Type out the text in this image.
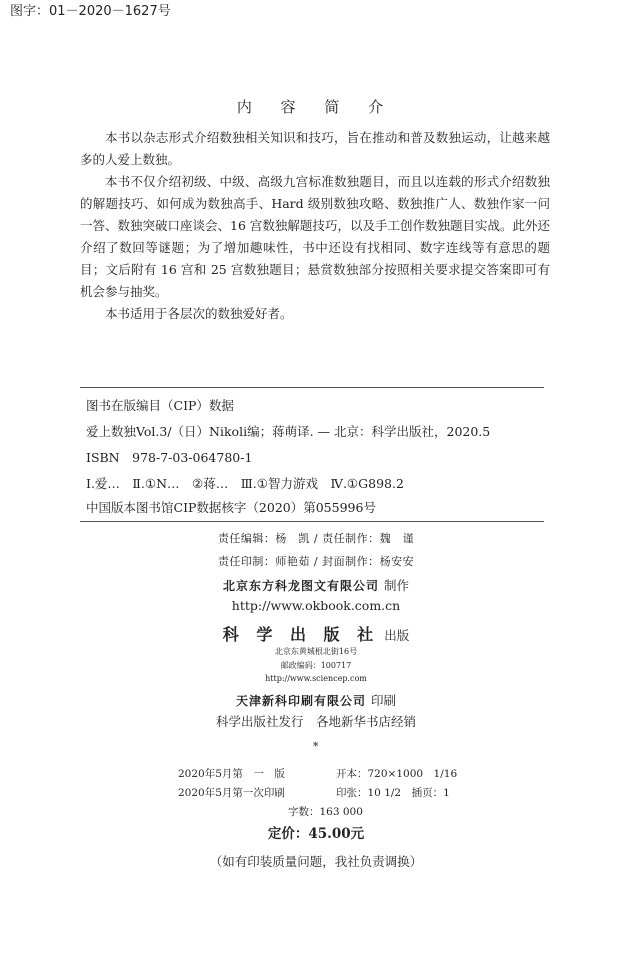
图字：01－2020－1627号
内 容 简 介

本书以杂志形式介绍数独相关知识和技巧，旨在推动和普及数独运动，让越来越多的人爱上数独。

本书不仅介绍初级、中级、高级九宫标准数独题目，而且以连载的形式介绍数独的解题技巧、如何成为数独高手、Hard 级别数独攻略、数独推广人、数独作家一问一答、数独突破口座谈会、16 宫数独解题技巧，以及手工创作数独题目实战。此外还介绍了数回等谜题；为了增加趣味性，书中还设有找相同、数字连线等有意思的题目；文后附有 16 宫和 25 宫数独题目；悬赏数独部分按照相关要求提交答案即可有机会参与抽奖。

本书适用于各层次的数独爱好者。

图书在版编目（CIP）数据
爱上数独Vol.3/（日）Nikoli编；蒋萌译. — 北京：科学出版社，2020.5
ISBN　978-7-03-064780-1
Ⅰ.爱…　Ⅱ.①N…　②蒋…　Ⅲ.①智力游戏　Ⅳ.①G898.2
中国版本图书馆CIP数据核字（2020）第055996号
责任编辑：杨　凯 / 责任制作：魏　谨
责任印制：师艳茹 / 封面制作：杨安安
北京东方科龙图文有限公司 制作
http://www.okbook.com.cn
科 学 出 版 社 出版
北京东黄城根北街16号
邮政编码：100717
http://www.sciencep.com
天津新科印刷有限公司 印刷
科学出版社发行　各地新华书店经销
*
2020年5月第　一　版	开本：720×1000　1/16
2020年5月第一次印刷	印张：10 1/2　插页：1
字数：163 000
定价：45.00元
（如有印装质量问题，我社负责调换）
